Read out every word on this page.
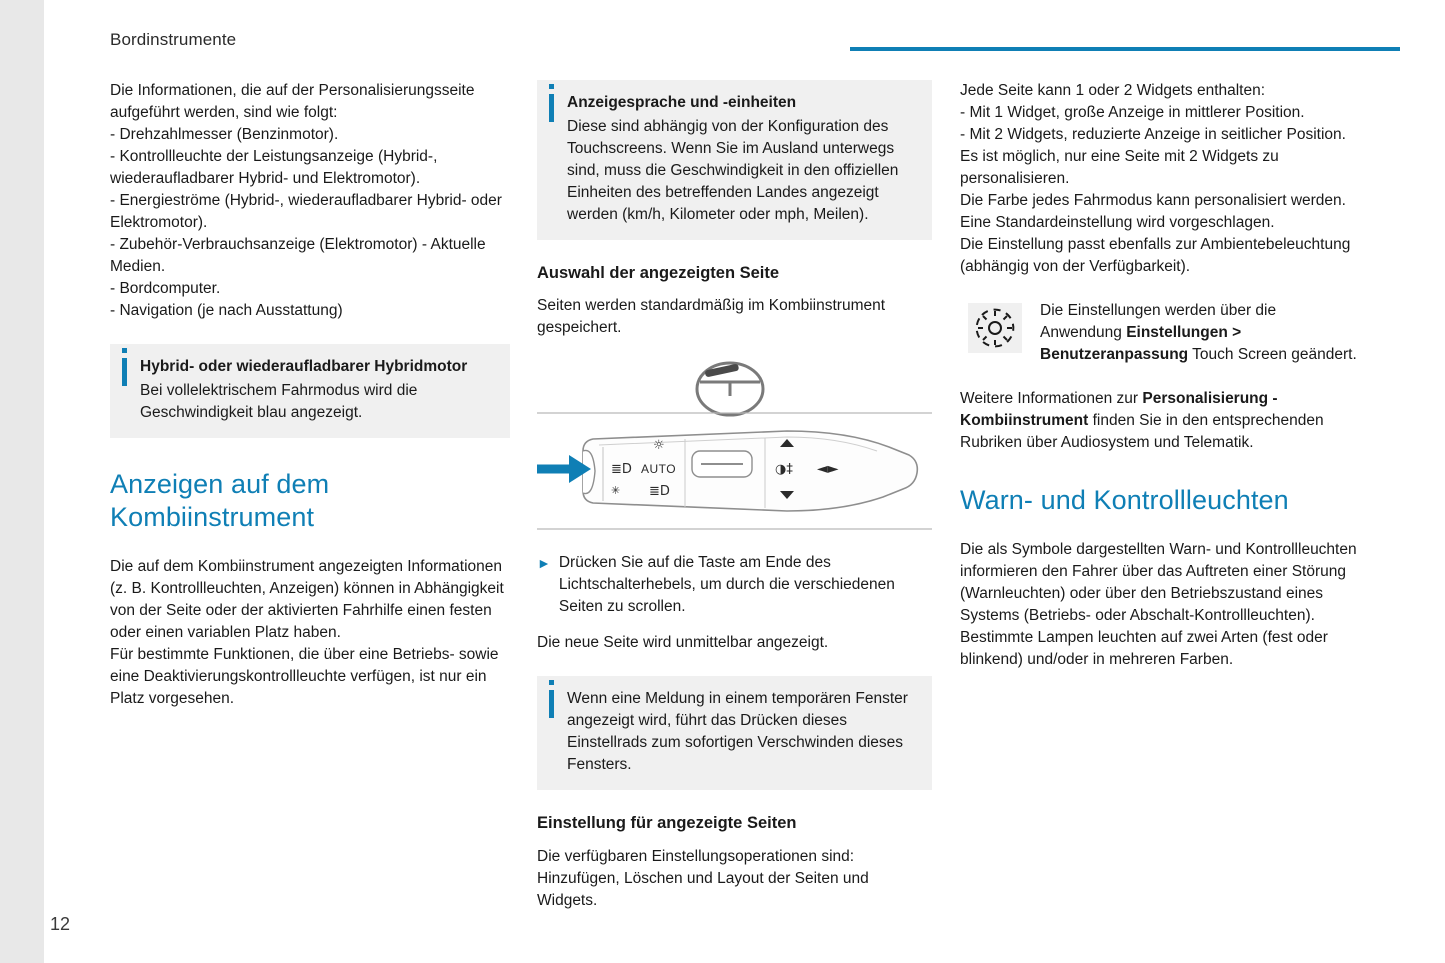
Bordinstrumente

Die Informationen, die auf der Personalisierungsseite aufgeführt werden, sind wie folgt:

- Drehzahlmesser (Benzinmotor).

- Kontrollleuchte der Leistungsanzeige (Hybrid-, wiederaufladbarer Hybrid- und Elektromotor).

- Energieströme (Hybrid-, wiederaufladbarer Hybrid- oder Elektromotor).

- Zubehör-Verbrauchsanzeige (Elektromotor) - Aktuelle Medien.

- Bordcomputer.

- Navigation (je nach Ausstattung)

Hybrid- oder wiederaufladbarer Hybridmotor
Bei vollelektrischem Fahrmodus wird die Geschwindigkeit blau angezeigt.
Anzeigen auf dem Kombiinstrument

Die auf dem Kombiinstrument angezeigten Informationen (z. B. Kontrollleuchten, Anzeigen) können in Abhängigkeit von der Seite oder der aktivierten Fahrhilfe einen festen oder einen variablen Platz haben.

Für bestimmte Funktionen, die über eine Betriebs- sowie eine Deaktivierungskontrollleuchte verfügen, ist nur ein Platz vorgesehen.

Anzeigesprache und -einheiten
Diese sind abhängig von der Konfiguration des Touchscreens. Wenn Sie im Ausland unterwegs sind, muss die Geschwindigkeit in den offiziellen Einheiten des betreffenden Landes angezeigt werden (km/h, Kilometer oder mph, Meilen).
Auswahl der angezeigten Seite

Seiten werden standardmäßig im Kombiinstrument gespeichert.

≣D
✳
☼
AUTO
≣D
◑‡ ◄►
► Drücken Sie auf die Taste am Ende des Lichtschalterhebels, um durch die verschiedenen Seiten zu scrollen.

Die neue Seite wird unmittelbar angezeigt.

Wenn eine Meldung in einem temporären Fenster angezeigt wird, führt das Drücken dieses Einstellrads zum sofortigen Verschwinden dieses Fensters.
Einstellung für angezeigte Seiten

Die verfügbaren Einstellungsoperationen sind: Hinzufügen, Löschen und Layout der Seiten und Widgets.

Jede Seite kann 1 oder 2 Widgets enthalten:

- Mit 1 Widget, große Anzeige in mittlerer Position.

- Mit 2 Widgets, reduzierte Anzeige in seitlicher Position.

Es ist möglich, nur eine Seite mit 2 Widgets zu personalisieren.

Die Farbe jedes Fahrmodus kann personalisiert werden. Eine Standardeinstellung wird vorgeschlagen.

Die Einstellung passt ebenfalls zur Ambientebeleuchtung (abhängig von der Verfügbarkeit).

Die Einstellungen werden über die Anwendung Einstellungen > Benutzeranpassung Touch Screen geändert.

Weitere Informationen zur Personalisierung - Kombiinstrument finden Sie in den entsprechenden Rubriken über Audiosystem und Telematik.

Warn- und Kontrollleuchten

Die als Symbole dargestellten Warn- und Kontrollleuchten informieren den Fahrer über das Auftreten einer Störung (Warnleuchten) oder über den Betriebszustand eines Systems (Betriebs- oder Abschalt-Kontrollleuchten). Bestimmte Lampen leuchten auf zwei Arten (fest oder blinkend) und/oder in mehreren Farben.

12
